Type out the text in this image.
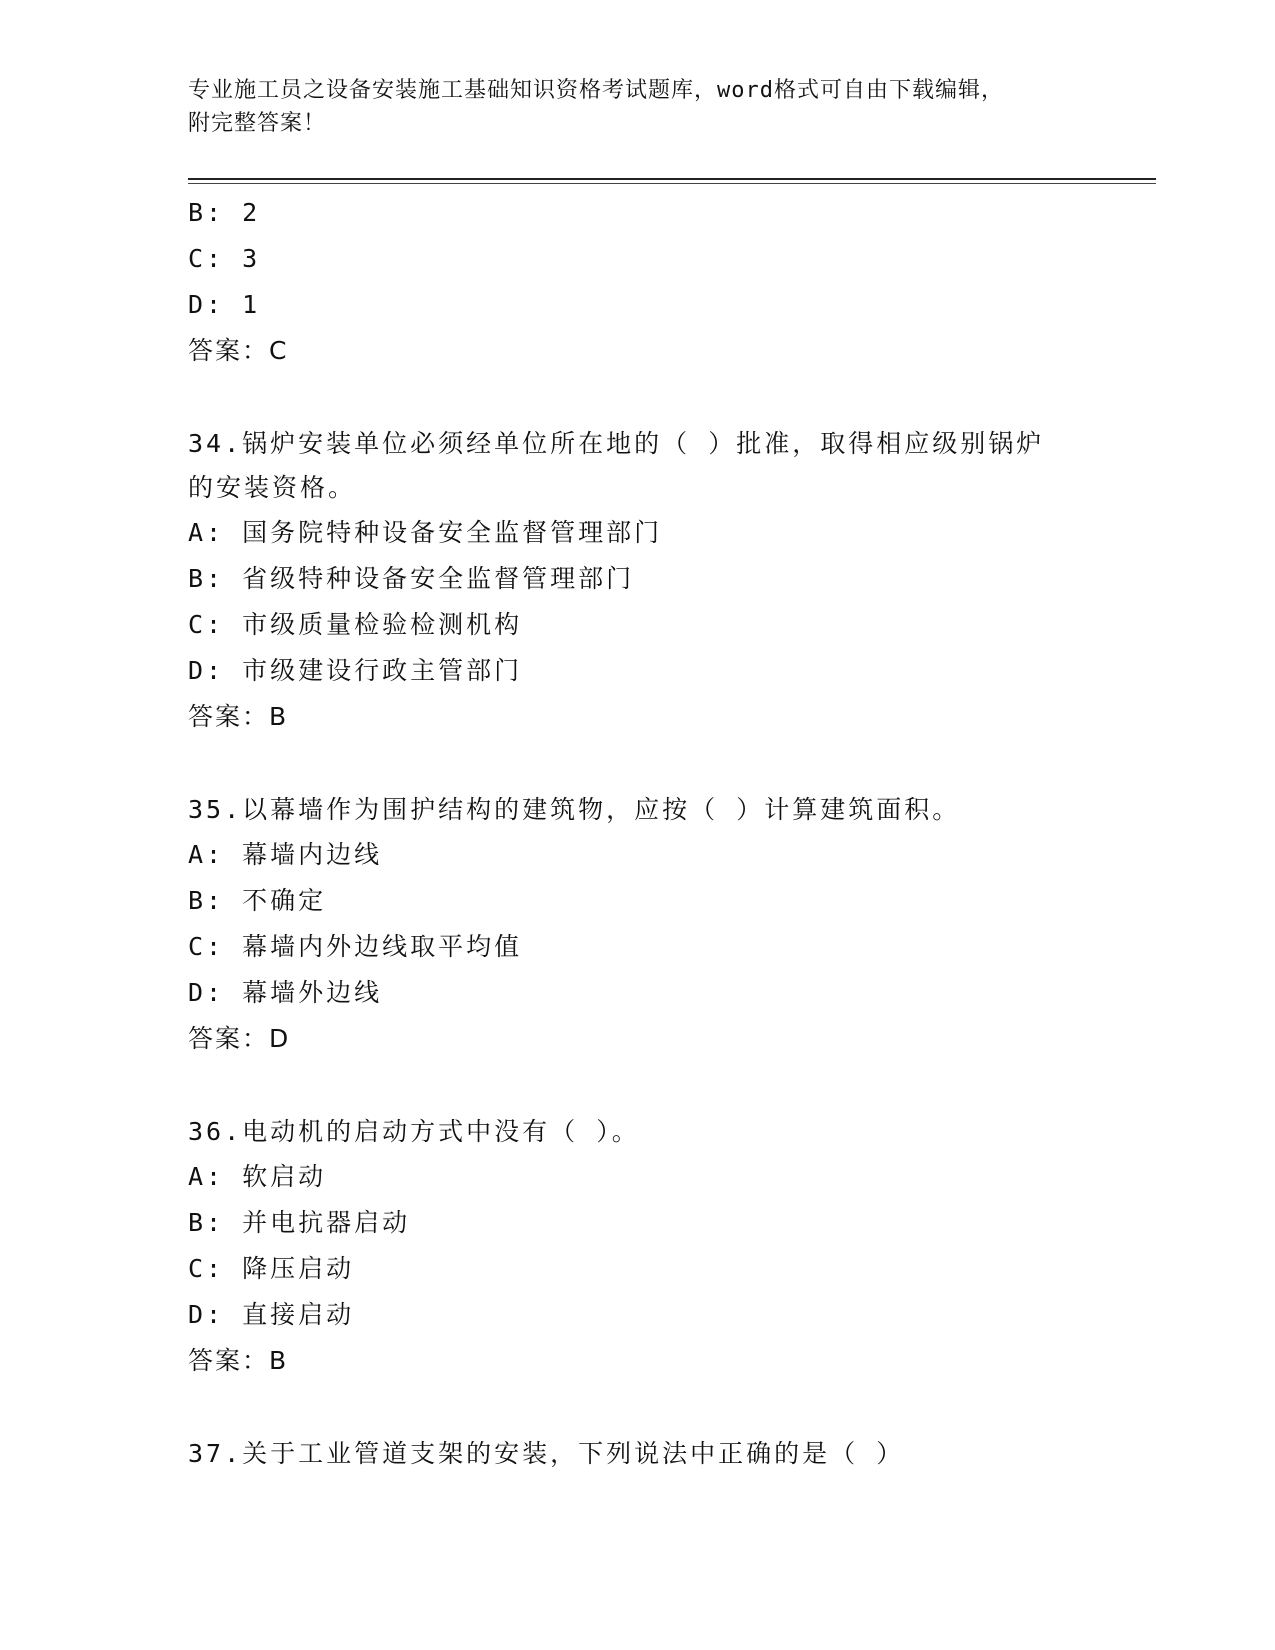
专业施工员之设备安装施工基础知识资格考试题库，word格式可自由下载编辑，
附完整答案！
B: 2
C: 3
D: 1
答案：C
34.锅炉安装单位必须经单位所在地的（ ）批准，取得相应级别锅炉
的安装资格。
A: 国务院特种设备安全监督管理部门
B: 省级特种设备安全监督管理部门
C: 市级质量检验检测机构
D: 市级建设行政主管部门
答案：B
35.以幕墙作为围护结构的建筑物，应按（ ）计算建筑面积。
A: 幕墙内边线
B: 不确定
C: 幕墙内外边线取平均值
D: 幕墙外边线
答案：D
36.电动机的启动方式中没有（ ）。
A: 软启动
B: 并电抗器启动
C: 降压启动
D: 直接启动
答案：B
37.关于工业管道支架的安装，下列说法中正确的是（ ）
